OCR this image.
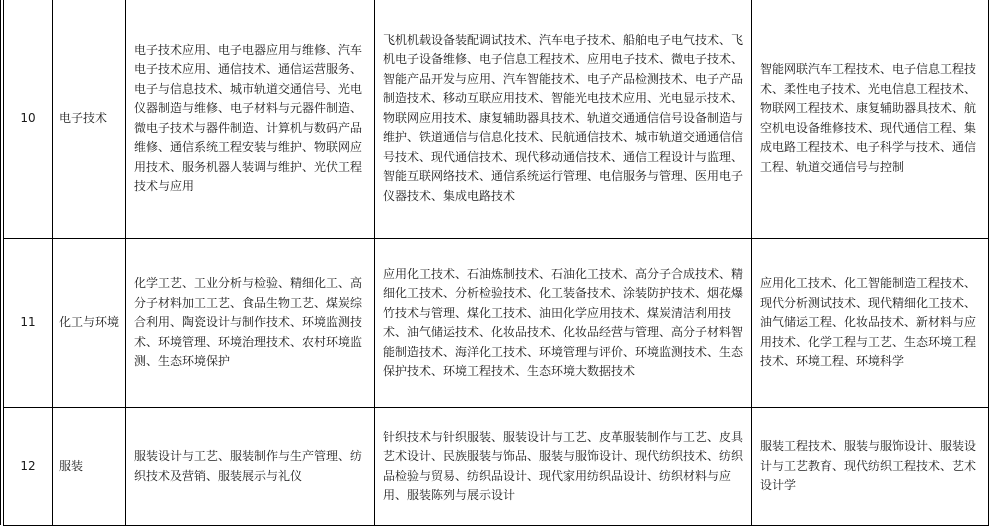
10	电子技术	电子技术应用、电子电器应用与维修、汽车电子技术应用、通信技术、通信运营服务、电子与信息技术、城市轨道交通信号、光电仪器制造与维修、电子材料与元器件制造、微电子技术与器件制造、计算机与数码产品维修、通信系统工程安装与维护、物联网应用技术、服务机器人装调与维护、光伏工程技术与应用	飞机机载设备装配调试技术、汽车电子技术、船舶电子电气技术、飞机电子设备维修、电子信息工程技术、应用电子技术、微电子技术、智能产品开发与应用、汽车智能技术、电子产品检测技术、电子产品制造技术、移动互联应用技术、智能光电技术应用、光电显示技术、物联网应用技术、康复辅助器具技术、轨道交通通信信号设备制造与维护、铁道通信与信息化技术、民航通信技术、城市轨道交通通信信号技术、现代通信技术、现代移动通信技术、通信工程设计与监理、智能互联网络技术、通信系统运行管理、电信服务与管理、医用电子仪器技术、集成电路技术	智能网联汽车工程技术、电子信息工程技术、柔性电子技术、光电信息工程技术、物联网工程技术、康复辅助器具技术、航空机电设备维修技术、现代通信工程、集成电路工程技术、电子科学与技术、通信工程、轨道交通信号与控制
11	化工与环境	化学工艺、工业分析与检验、精细化工、高分子材料加工工艺、食品生物工艺、煤炭综合利用、陶瓷设计与制作技术、环境监测技术、环境管理、环境治理技术、农村环境监测、生态环境保护	应用化工技术、石油炼制技术、石油化工技术、高分子合成技术、精细化工技术、分析检验技术、化工装备技术、涂装防护技术、烟花爆竹技术与管理、煤化工技术、油田化学应用技术、煤炭清洁利用技术、油气储运技术、化妆品技术、化妆品经营与管理、高分子材料智能制造技术、海洋化工技术、环境管理与评价、环境监测技术、生态保护技术、环境工程技术、生态环境大数据技术	应用化工技术、化工智能制造工程技术、现代分析测试技术、现代精细化工技术、油气储运工程、化妆品技术、新材料与应用技术、化学工程与工艺、生态环境工程技术、环境工程、环境科学
12	服装	服装设计与工艺、服装制作与生产管理、纺织技术及营销、服装展示与礼仪	针织技术与针织服装、服装设计与工艺、皮革服装制作与工艺、皮具艺术设计、民族服装与饰品、服装与服饰设计、现代纺织技术、纺织品检验与贸易、纺织品设计、现代家用纺织品设计、纺织材料与应用、服装陈列与展示设计	服装工程技术、服装与服饰设计、服装设计与工艺教育、现代纺织工程技术、艺术设计学
